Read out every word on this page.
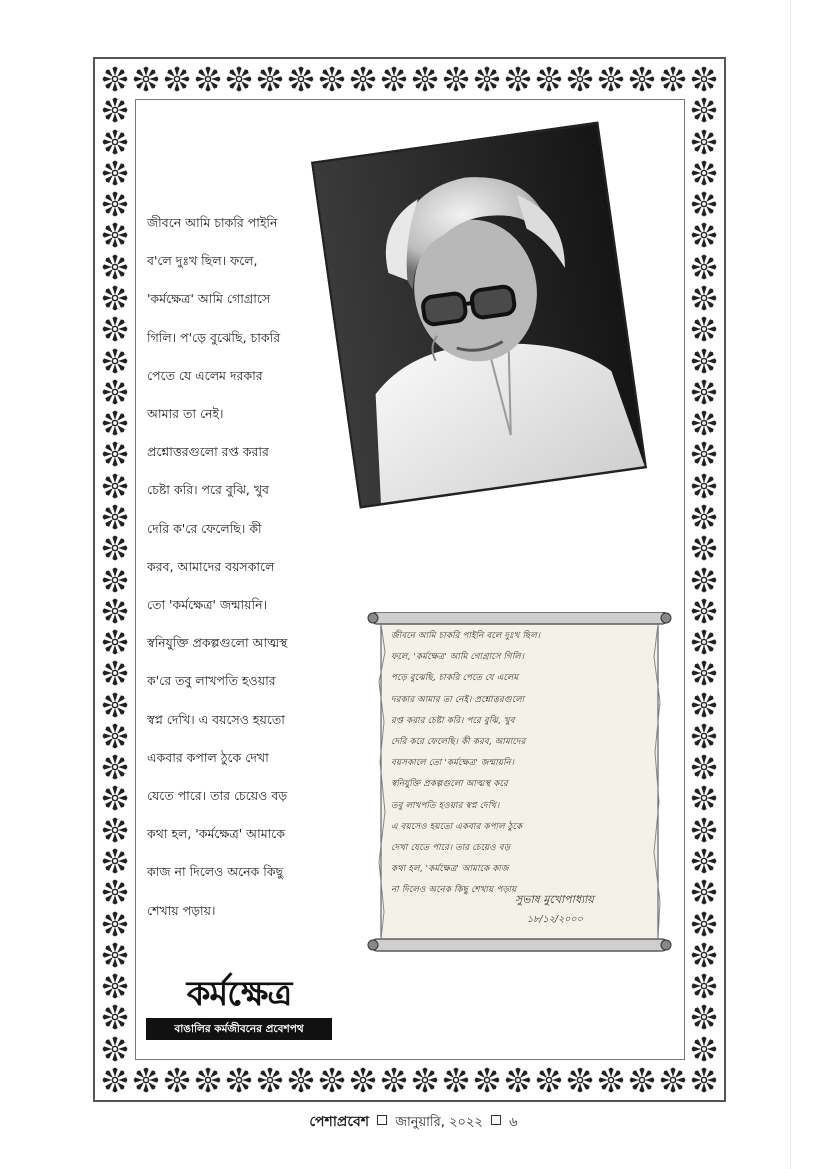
জীবনে আমি চাকরি পাইনি
ব'লে দুঃখ ছিল। ফলে,
'কর্মক্ষেত্র' আমি গোগ্রাসে
গিলি। প'ড়ে বুঝেছি, চাকরি
পেতে যে এলেম দরকার
আমার তা নেই।
প্রশ্নোত্তরগুলো রপ্ত করার
চেষ্টা করি। পরে বুঝি, খুব
দেরি ক'রে ফেলেছি। কী
করব, আমাদের বয়সকালে
তো 'কর্মক্ষেত্র' জন্মায়নি।
স্বনিযুক্তি প্রকল্পগুলো আত্মস্থ
ক'রে তবু লাখপতি হওয়ার
স্বপ্ন দেখি। এ বয়সেও হয়তো
একবার কপাল ঠুকে দেখা
যেতে পারে। তার চেয়েও বড়
কথা হল, 'কর্মক্ষেত্র' আমাকে
কাজ না দিলেও অনেক কিছু
শেখায় পড়ায়।
জীবনে আমি চাকরি পাইনি বলে দুঃখ ছিল।
ফলে, 'কর্মক্ষেত্র' আমি গোগ্রাসে গিলি।
পড়ে বুঝেছি, চাকরি পেতে যে এলেম
দরকার আমার তা নেই। প্রশ্নোত্তরগুলো
রপ্ত করার চেষ্টা করি। পরে বুঝি, খুব
দেরি করে ফেলেছি। কী করব, আমাদের
বয়সকালে তো 'কর্মক্ষেত্র' জন্মায়নি।
স্বনিযুক্তি প্রকল্পগুলো আত্মস্থ করে
তবু লাখপতি হওয়ার স্বপ্ন দেখি।
এ বয়সেও হয়তো একবার কপাল ঠুকে
দেখা যেতে পারে। তার চেয়েও বড়
কথা হল, 'কর্মক্ষেত্র' আমাকে কাজ
না দিলেও অনেক কিছু শেখায় পড়ায়
সুভাষ মুখোপাধ্যায়
১৮/১২/২০০০
কর্মক্ষেত্র
বাঙালির কর্মজীবনের প্রবেশপথ
পেশাপ্রবেশ জানুয়ারি, ২০২২ ৬
